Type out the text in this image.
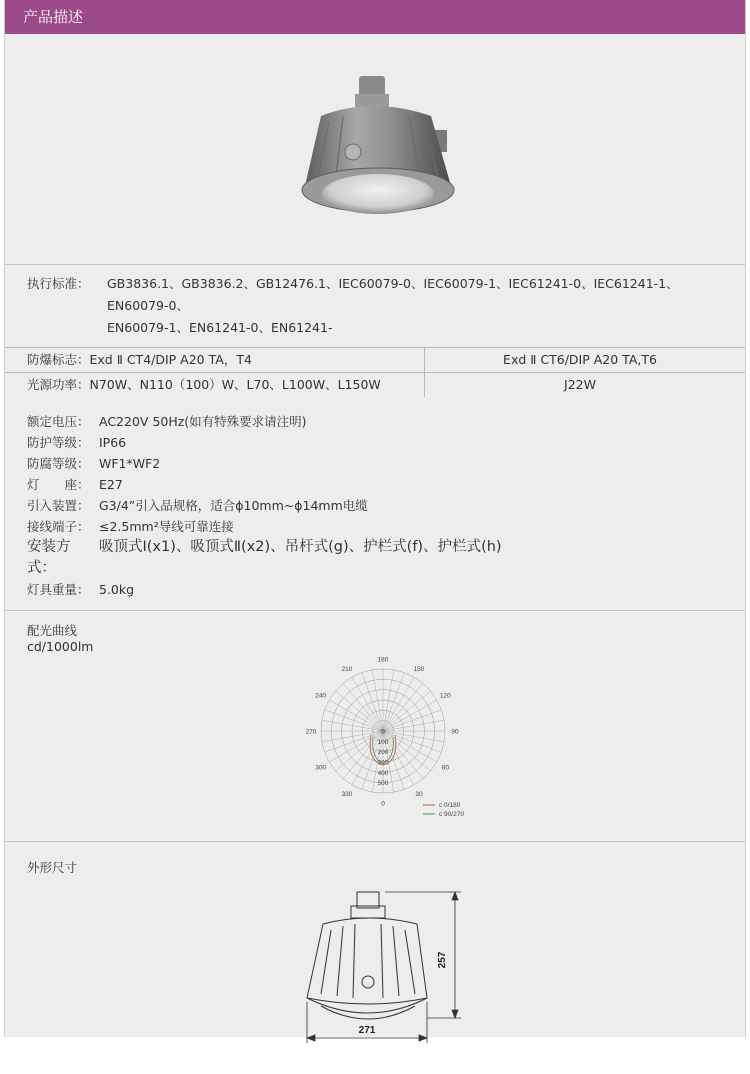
产品描述
执行标准：	GB3836.1、GB3836.2、GB12476.1、IEC60079-0、IEC60079-1、IEC61241-0、IEC61241-1、EN60079-0、
EN60079-1、EN61241-0、EN61241-
防爆标志：Exd Ⅱ CT4/DIP A20 TA，T4	Exd Ⅱ CT6/DIP A20 TA,T6
光源功率：N70W、N110（100）W、L70、L100W、L150W	J22W
额定电压： AC220V 50Hz(如有特殊要求请注明)
防护等级： IP66
防腐等级： WF1*WF2
灯　　座： E27
引入装置： G3/4”引入品规格，适合ϕ10mm~ϕ14mm电缆
接线端子： ≤2.5mm²导线可靠连接
安装方式：
吸顶式Ⅰ(x1)、吸顶式Ⅱ(x2)、吊杆式(g)、护栏式(f)、护栏式(h)
灯具重量： 5.0kg
配光曲线
cd/1000lm
180
150
120
90
60
30
0
330
300
270
240
210
0
100
200
300
400
500
c 0/180
c 90/270
外形尺寸
257
271
